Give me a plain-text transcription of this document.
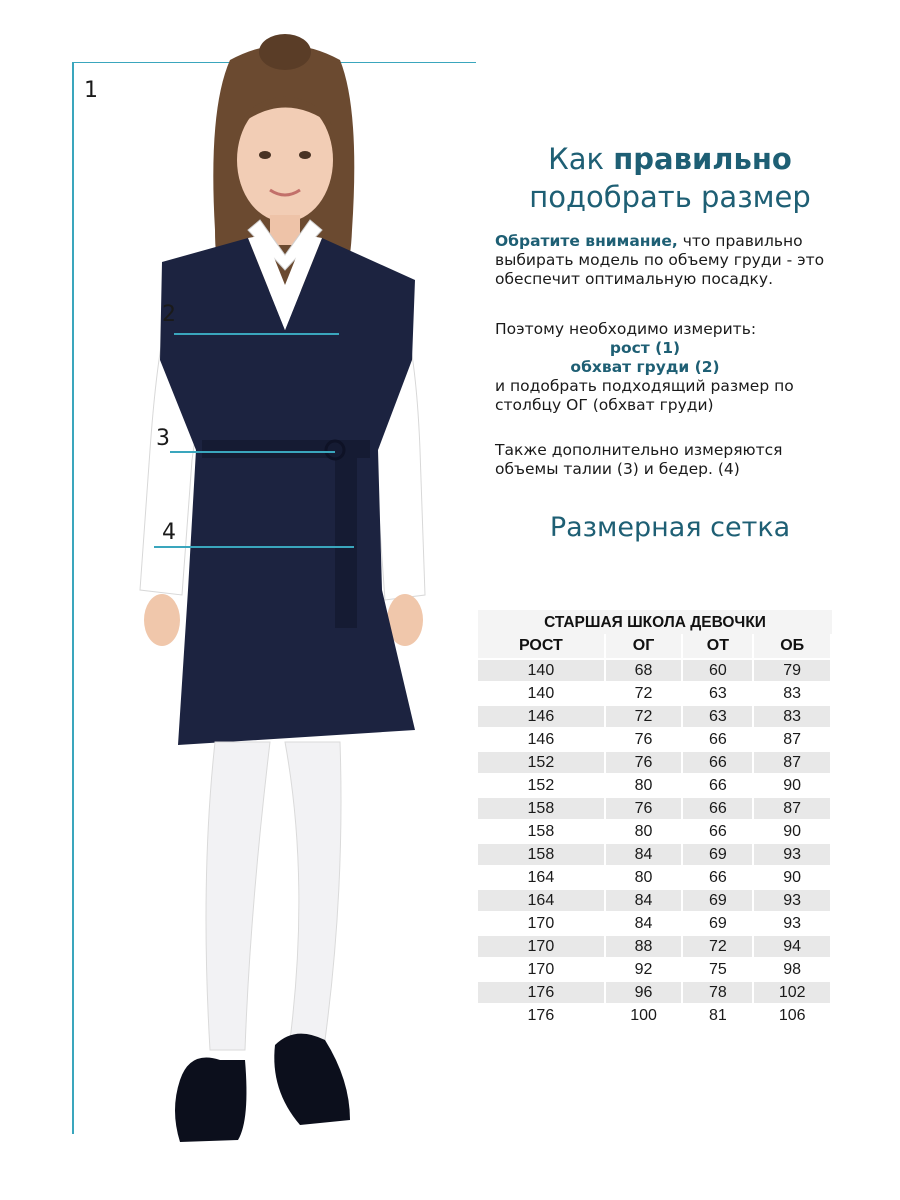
1
2
3
4
Как правильно
подобрать размер
Обратите внимание, что правильно выбирать модель по объему груди - это обеспечит оптимальную посадку.
Поэтому необходимо измерить:
рост (1)
обхват груди (2)
и подобрать подходящий размер по столбцу ОГ (обхват груди)
Также дополнительно измеряются объемы талии (3) и бедер. (4)
Размерная сетка
СТАРШАЯ ШКОЛА ДЕВОЧКИ
РОСТ	ОГ	ОТ	ОБ
140	68	60	79
140	72	63	83
146	72	63	83
146	76	66	87
152	76	66	87
152	80	66	90
158	76	66	87
158	80	66	90
158	84	69	93
164	80	66	90
164	84	69	93
170	84	69	93
170	88	72	94
170	92	75	98
176	96	78	102
176	100	81	106
